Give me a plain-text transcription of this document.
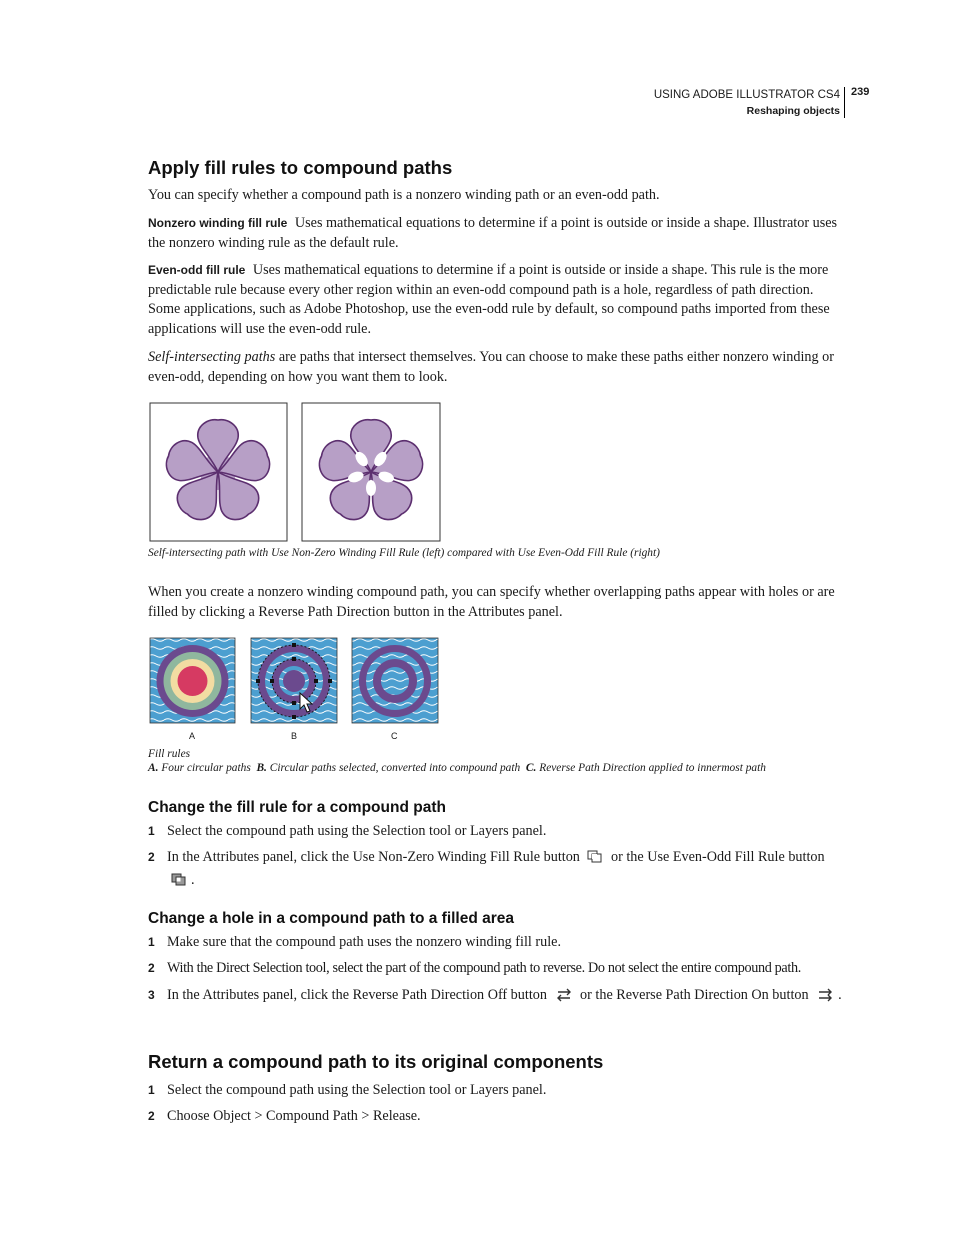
USING ADOBE ILLUSTRATOR CS4
Reshaping objects
239
Apply fill rules to compound paths
You can specify whether a compound path is a nonzero winding path or an even-odd path.
Nonzero winding fill rule Uses mathematical equations to determine if a point is outside or inside a shape. Illustrator uses the nonzero winding rule as the default rule.
Even-odd fill rule Uses mathematical equations to determine if a point is outside or inside a shape. This rule is the more predictable rule because every other region within an even-odd compound path is a hole, regardless of path direction. Some applications, such as Adobe Photoshop, use the even-odd rule by default, so compound paths imported from these applications will use the even-odd rule.
Self-intersecting paths are paths that intersect themselves. You can choose to make these paths either nonzero winding or even-odd, depending on how you want them to look.
Self-intersecting path with Use Non-Zero Winding Fill Rule (left) compared with Use Even-Odd Fill Rule (right)
When you create a nonzero winding compound path, you can specify whether overlapping paths appear with holes or are filled by clicking a Reverse Path Direction button in the Attributes panel.
A	B	C
Fill rules
A. Four circular paths B. Circular paths selected, converted into compound path C. Reverse Path Direction applied to innermost path
Change the fill rule for a compound path
1 Select the compound path using the Selection tool or Layers panel.
2 In the Attributes panel, click the Use Non-Zero Winding Fill Rule button or the Use Even-Odd Fill Rule button .
Change a hole in a compound path to a filled area
1 Make sure that the compound path uses the nonzero winding fill rule.
2 With the Direct Selection tool, select the part of the compound path to reverse. Do not select the entire compound path.
3 In the Attributes panel, click the Reverse Path Direction Off button or the Reverse Path Direction On button .
Return a compound path to its original components
1 Select the compound path using the Selection tool or Layers panel.
2 Choose Object > Compound Path > Release.
